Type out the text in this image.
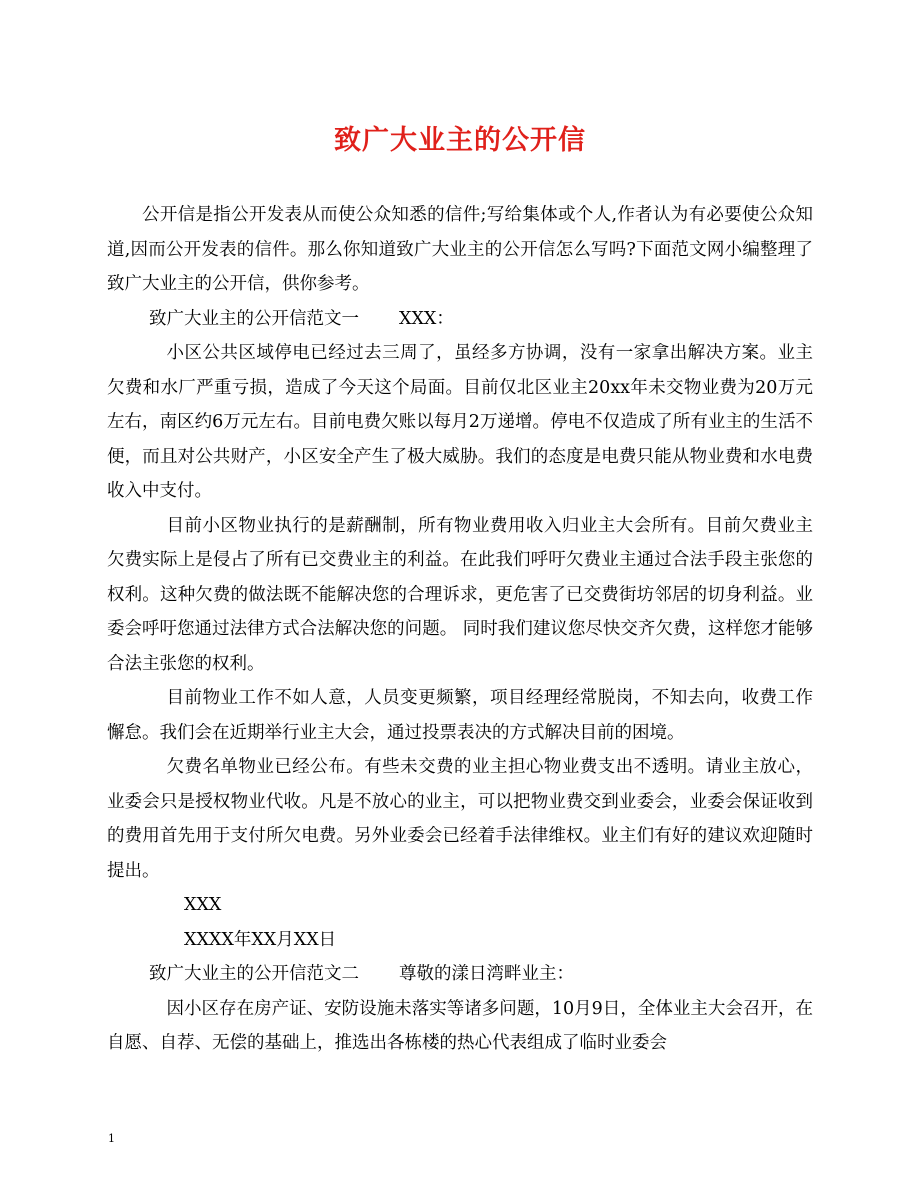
致广大业主的公开信

公开信是指公开发表从而使公众知悉的信件;写给集体或个人,作者认为有必要使公众知道,因而公开发表的信件。那么你知道致广大业主的公开信怎么写吗?下面范文网小编整理了致广大业主的公开信，供你参考。

致广大业主的公开信范文一 XXX：

小区公共区域停电已经过去三周了，虽经多方协调，没有一家拿出解决方案。业主欠费和水厂严重亏损，造成了今天这个局面。目前仅北区业主20xx年未交物业费为20万元左右，南区约6万元左右。目前电费欠账以每月2万递增。停电不仅造成了所有业主的生活不便，而且对公共财产，小区安全产生了极大威胁。我们的态度是电费只能从物业费和水电费收入中支付。

目前小区物业执行的是薪酬制，所有物业费用收入归业主大会所有。目前欠费业主欠费实际上是侵占了所有已交费业主的利益。在此我们呼吁欠费业主通过合法手段主张您的权利。这种欠费的做法既不能解决您的合理诉求，更危害了已交费街坊邻居的切身利益。业委会呼吁您通过法律方式合法解决您的问题。 同时我们建议您尽快交齐欠费，这样您才能够合法主张您的权利。

目前物业工作不如人意，人员变更频繁，项目经理经常脱岗，不知去向，收费工作懈怠。我们会在近期举行业主大会，通过投票表决的方式解决目前的困境。

欠费名单物业已经公布。有些未交费的业主担心物业费支出不透明。请业主放心，业委会只是授权物业代收。凡是不放心的业主，可以把物业费交到业委会，业委会保证收到的费用首先用于支付所欠电费。另外业委会已经着手法律维权。业主们有好的建议欢迎随时提出。

XXX

XXXX年XX月XX日

致广大业主的公开信范文二 尊敬的漾日湾畔业主：

因小区存在房产证、安防设施未落实等诸多问题，10月9日，全体业主大会召开，在自愿、自荐、无偿的基础上，推选出各栋楼的热心代表组成了临时业委会

1
